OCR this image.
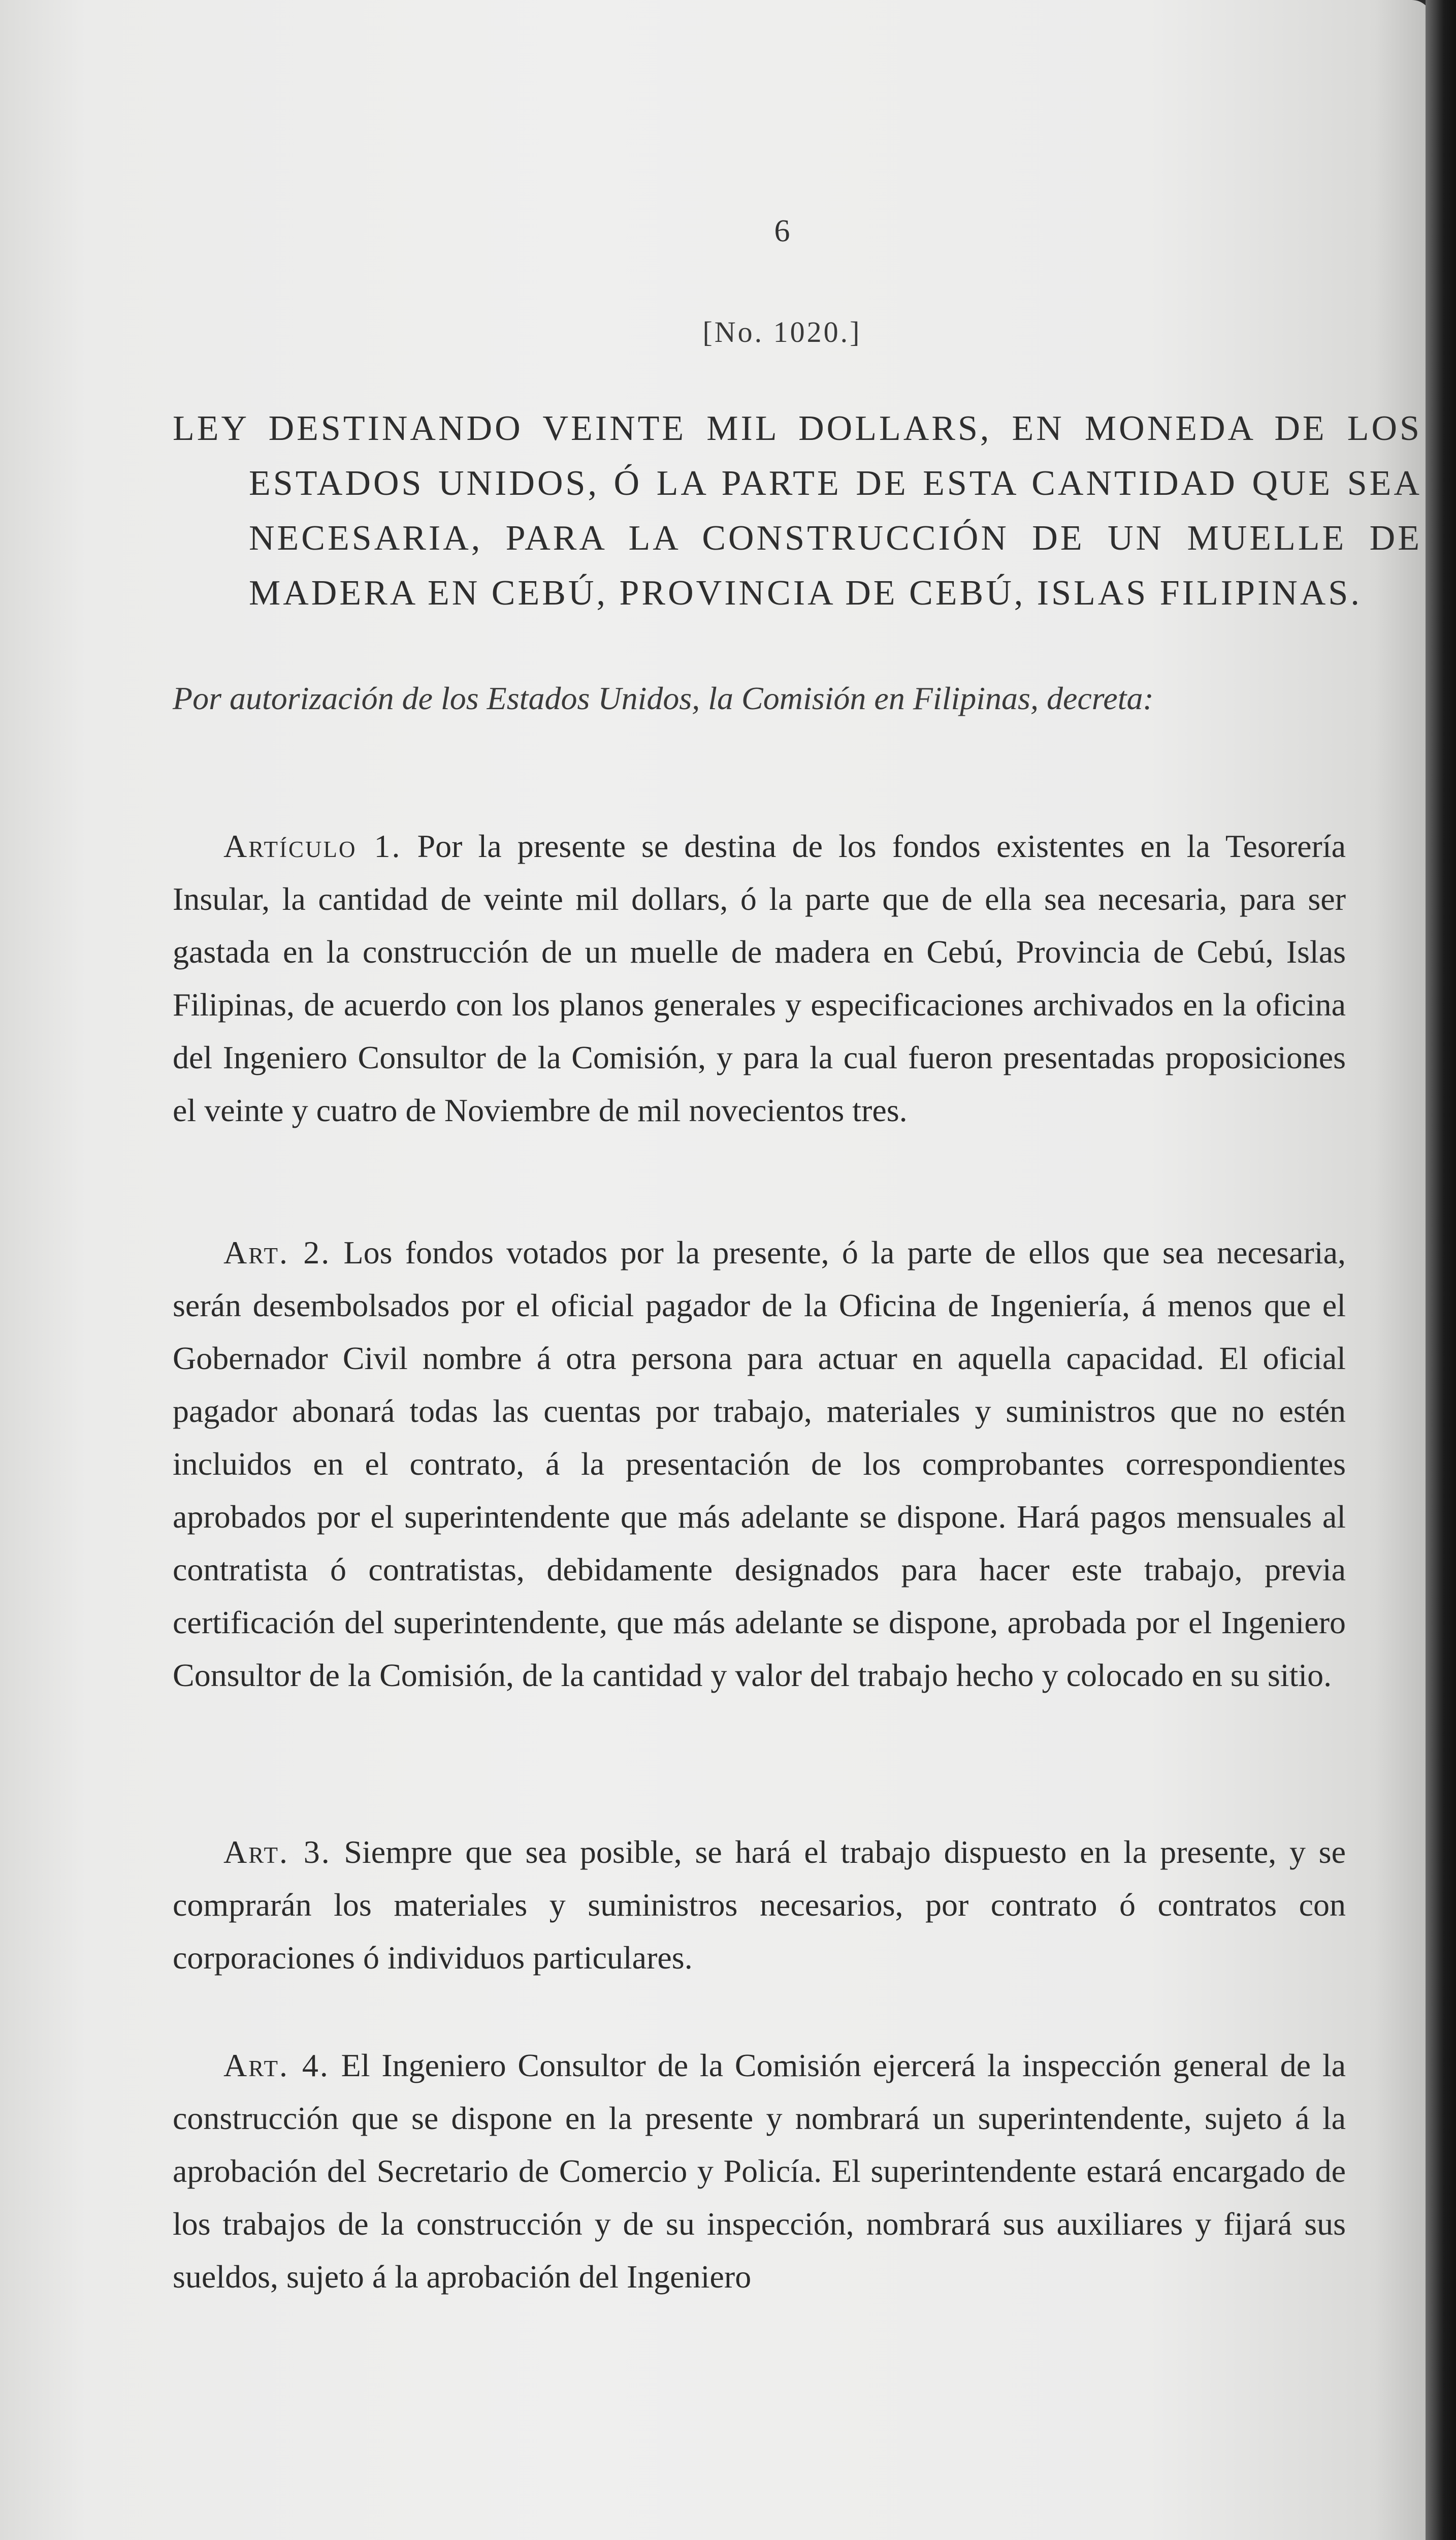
6
[No. 1020.]
LEY DESTINANDO VEINTE MIL DOLLARS, EN MONEDA DE LOS ESTADOS UNIDOS, Ó LA PARTE DE ESTA CANTIDAD QUE SEA NECESARIA, PARA LA CONSTRUCCIÓN DE UN MUELLE DE MADERA EN CEBÚ, PROVINCIA DE CEBÚ, ISLAS FILIPINAS.
Por autorización de los Estados Unidos, la Comisión en Filipinas, decreta:

Artículo 1. Por la presente se destina de los fondos existentes en la Tesorería Insular, la cantidad de veinte mil dollars, ó la parte que de ella sea necesaria, para ser gastada en la construcción de un muelle de madera en Cebú, Provincia de Cebú, Islas Filipinas, de acuerdo con los planos generales y especificaciones archivados en la oficina del Ingeniero Consultor de la Comisión, y para la cual fueron presentadas proposiciones el veinte y cuatro de Noviembre de mil novecientos tres.

Art. 2. Los fondos votados por la presente, ó la parte de ellos que sea necesaria, serán desembolsados por el oficial pagador de la Oficina de Ingeniería, á menos que el Gobernador Civil nombre á otra persona para actuar en aquella capacidad. El oficial pagador abonará todas las cuentas por trabajo, materiales y suministros que no estén incluidos en el contrato, á la presentación de los comprobantes correspondientes aprobados por el superintendente que más adelante se dispone. Hará pagos mensuales al contratista ó contratistas, debidamente designados para hacer este trabajo, previa certificación del superintendente, que más adelante se dispone, aprobada por el Ingeniero Consultor de la Comisión, de la cantidad y valor del trabajo hecho y colocado en su sitio.

Art. 3. Siempre que sea posible, se hará el trabajo dispuesto en la presente, y se comprarán los materiales y suministros necesarios, por contrato ó contratos con corporaciones ó individuos particulares.

Art. 4. El Ingeniero Consultor de la Comisión ejercerá la inspección general de la construcción que se dispone en la presente y nombrará un superintendente, sujeto á la aprobación del Secretario de Comercio y Policía. El superintendente estará encargado de los trabajos de la construcción y de su inspección, nombrará sus auxiliares y fijará sus sueldos, sujeto á la aprobación del Ingeniero
